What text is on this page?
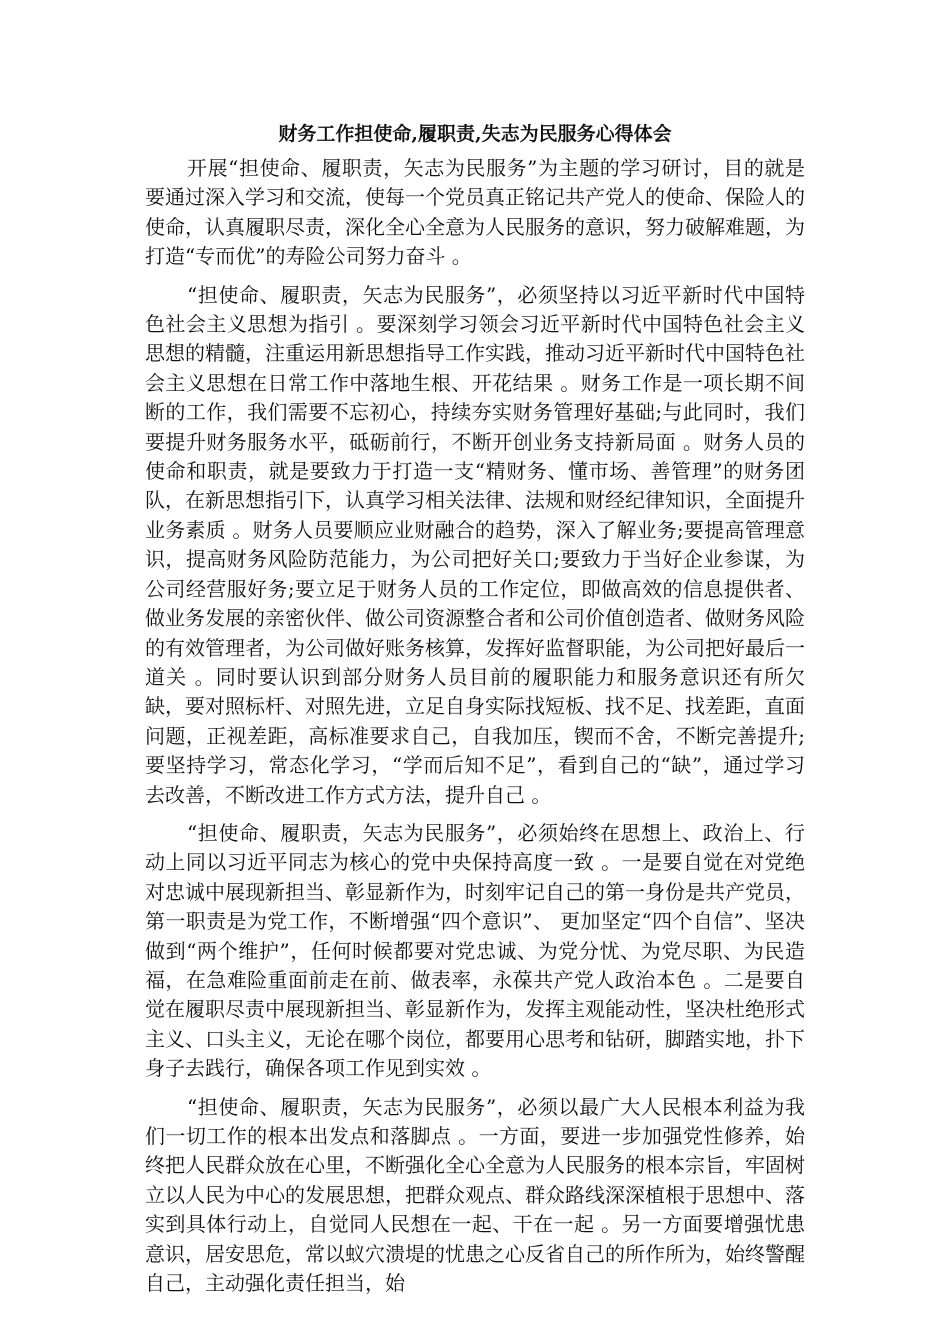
财务工作担使命,履职责,失志为民服务心得体会

开展“担使命、履职责，矢志为民服务”为主题的学习研讨，目的就是要通过深入学习和交流，使每一个党员真正铭记共产党人的使命、保险人的使命，认真履职尽责，深化全心全意为人民服务的意识，努力破解难题，为打造“专而优”的寿险公司努力奋斗 。

“担使命、履职责，矢志为民服务”，必须坚持以习近平新时代中国特色社会主义思想为指引 。要深刻学习领会习近平新时代中国特色社会主义思想的精髓，注重运用新思想指导工作实践，推动习近平新时代中国特色社会主义思想在日常工作中落地生根、开花结果 。财务工作是一项长期不间断的工作，我们需要不忘初心，持续夯实财务管理好基础;与此同时，我们要提升财务服务水平，砥砺前行，不断开创业务支持新局面 。财务人员的使命和职责，就是要致力于打造一支“精财务、懂市场、善管理”的财务团队，在新思想指引下，认真学习相关法律、法规和财经纪律知识，全面提升业务素质 。财务人员要顺应业财融合的趋势，深入了解业务;要提高管理意识，提高财务风险防范能力，为公司把好关口;要致力于当好企业参谋，为公司经营服好务;要立足于财务人员的工作定位，即做高效的信息提供者、做业务发展的亲密伙伴、做公司资源整合者和公司价值创造者、做财务风险的有效管理者，为公司做好账务核算，发挥好监督职能，为公司把好最后一道关 。同时要认识到部分财务人员目前的履职能力和服务意识还有所欠缺，要对照标杆、对照先进，立足自身实际找短板、找不足、找差距，直面问题，正视差距，高标准要求自己，自我加压，锲而不舍，不断完善提升;要坚持学习，常态化学习，“学而后知不足”，看到自己的“缺”，通过学习去改善，不断改进工作方式方法，提升自己 。

“担使命、履职责，矢志为民服务”，必须始终在思想上、政治上、行动上同以习近平同志为核心的党中央保持高度一致 。一是要自觉在对党绝对忠诚中展现新担当、彰显新作为，时刻牢记自己的第一身份是共产党员，第一职责是为党工作，不断增强“四个意识”、 更加坚定“四个自信”、坚决做到“两个维护”，任何时候都要对党忠诚、为党分忧、为党尽职、为民造福，在急难险重面前走在前、做表率，永葆共产党人政治本色 。二是要自觉在履职尽责中展现新担当、彰显新作为，发挥主观能动性，坚决杜绝形式主义、口头主义，无论在哪个岗位，都要用心思考和钻研，脚踏实地，扑下身子去践行，确保各项工作见到实效 。

“担使命、履职责，矢志为民服务”，必须以最广大人民根本利益为我们一切工作的根本出发点和落脚点 。一方面，要进一步加强党性修养，始终把人民群众放在心里，不断强化全心全意为人民服务的根本宗旨，牢固树立以人民为中心的发展思想，把群众观点、群众路线深深植根于思想中、落实到具体行动上，自觉同人民想在一起、干在一起 。另一方面要增强忧患意识，居安思危，常以蚁穴溃堤的忧患之心反省自己的所作所为，始终警醒自己，主动强化责任担当，始
